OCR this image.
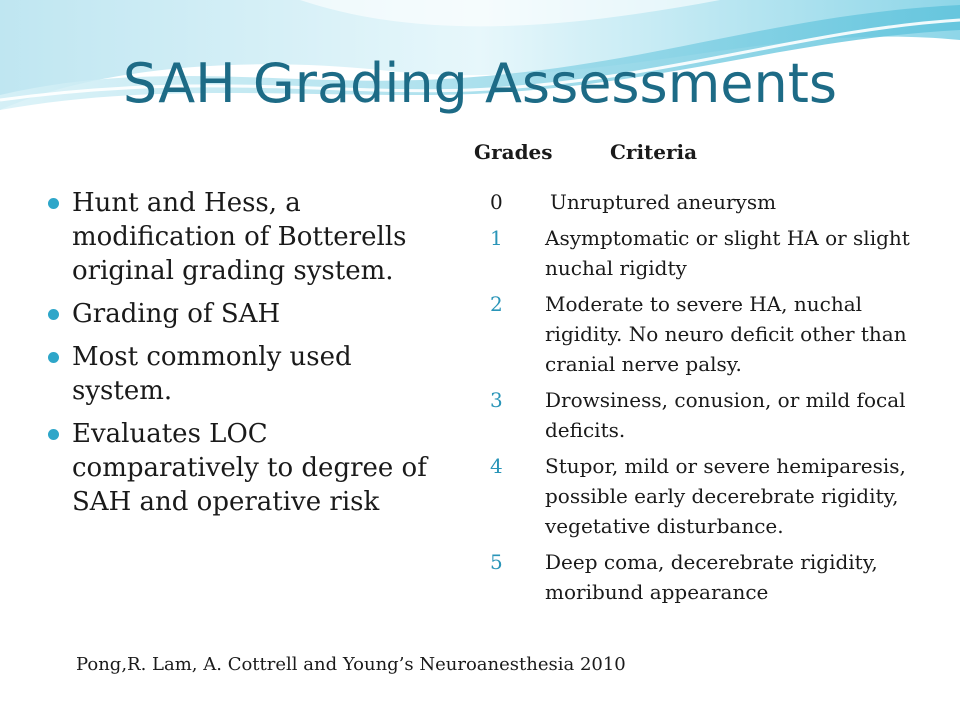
SAH Grading Assessments
Grades	Criteria
Hunt and Hess, a modification of Botterells original grading system.
Grading of SAH
Most commonly used system.
Evaluates LOC comparatively to degree of SAH and operative risk
0	Unruptured aneurysm
1	Asymptomatic or slight HA or slight nuchal rigidty
2	Moderate to severe HA, nuchal rigidity. No neuro deficit other than cranial nerve palsy.
3	Drowsiness, conusion, or mild focal deficits.
4	Stupor, mild or severe hemiparesis, possible early decerebrate rigidity, vegetative disturbance.
5	Deep coma, decerebrate rigidity, moribund appearance
Pong,R. Lam, A. Cottrell and Young’s Neuroanesthesia 2010
